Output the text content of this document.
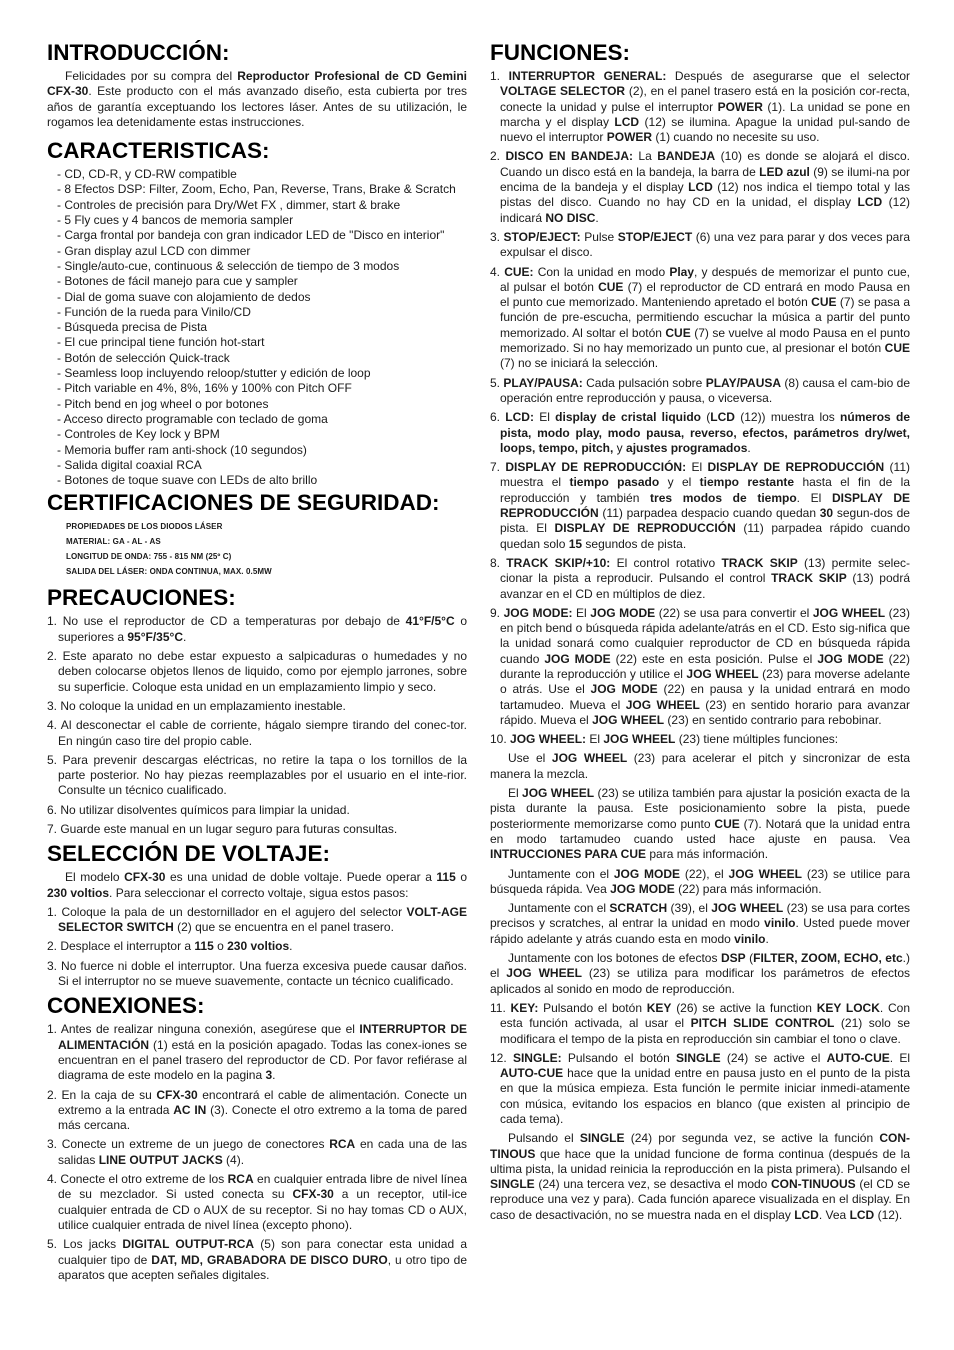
INTRODUCCIÓN:

Felicidades por su compra del Reproductor Profesional de CD Gemini CFX-30. Este producto con el más avanzado diseño, esta cubierta por tres años de garantía exceptuando los lectores láser. Antes de su utilización, le rogamos lea detenidamente estas instrucciones.

CARACTERISTICAS:
- CD, CD-R, y CD-RW compatible
- 8 Efectos DSP: Filter, Zoom, Echo, Pan, Reverse, Trans, Brake & Scratch
- Controles de precisión para Dry/Wet FX , dimmer, start & brake
- 5 Fly cues y 4 bancos de memoria sampler
- Carga frontal por bandeja con gran indicador LED de "Disco en interior"
- Gran display azul LCD con dimmer
- Single/auto-cue, continuous & selección de tiempo de 3 modos
- Botones de fácil manejo para cue y sampler
- Dial de goma suave con alojamiento de dedos
- Función de la rueda para Vinilo/CD
- Búsqueda precisa de Pista
- El cue principal tiene función hot-start
- Botón de selección Quick-track
- Seamless loop incluyendo reloop/stutter y edición de loop
- Pitch variable en 4%, 8%, 16% y 100% con Pitch OFF
- Pitch bend en jog wheel o por botones
- Acceso directo programable con teclado de goma
- Controles de Key lock y BPM
- Memoria buffer ram anti-shock (10 segundos)
- Salida digital coaxial RCA
- Botones de toque suave con LEDs de alto brillo
CERTIFICACIONES DE SEGURIDAD:
PROPIEDADES DE LOS DIODOS LÁSER
MATERIAL: GA - AL - AS
LONGITUD DE ONDA: 755 - 815 NM (25º C)
SALIDA DEL LÁSER: ONDA CONTINUA, MAX. 0.5MW
PRECAUCIONES:

1. No use el reproductor de CD a temperaturas por debajo de 41°F/5°C o superiores a 95°F/35°C.

2. Este aparato no debe estar expuesto a salpicaduras o humedades y no deben colocarse objetos llenos de liquido, como por ejemplo jarrones, sobre su superficie. Coloque esta unidad en un emplazamiento limpio y seco.

3. No coloque la unidad en un emplazamiento inestable.

4. Al desconectar el cable de corriente, hágalo siempre tirando del conec-tor. En ningún caso tire del propio cable.

5. Para prevenir descargas eléctricas, no retire la tapa o los tornillos de la parte posterior. No hay piezas reemplazables por el usuario en el inte-rior. Consulte un técnico cualificado.

6. No utilizar disolventes químicos para limpiar la unidad.

7. Guarde este manual en un lugar seguro para futuras consultas.

SELECCIÓN DE VOLTAJE:

El modelo CFX-30 es una unidad de doble voltaje. Puede operar a 115 o 230 voltios. Para seleccionar el correcto voltaje, sigua estos pasos:

1. Coloque la pala de un destornillador en el agujero del selector VOLT-AGE SELECTOR SWITCH (2) que se encuentra en el panel trasero.

2. Desplace el interruptor a 115 o 230 voltios.

3. No fuerce ni doble el interruptor. Una fuerza excesiva puede causar daños. Si el interruptor no se mueve suavemente, contacte un técnico cualificado.

CONEXIONES:

1. Antes de realizar ninguna conexión, asegúrese que el INTERRUPTOR DE ALIMENTACIÓN (1) está en la posición apagado. Todas las conex-iones se encuentran en el panel trasero del reproductor de CD. Por favor refiérase al diagrama de este modelo en la pagina 3.

2. En la caja de su CFX-30 encontrará el cable de alimentación. Conecte un extremo a la entrada AC IN (3). Conecte el otro extremo a la toma de pared más cercana.

3. Conecte un extreme de un juego de conectores RCA en cada una de las salidas LINE OUTPUT JACKS (4).

4. Conecte el otro extreme de los RCA en cualquier entrada libre de nivel línea de su mezclador. Si usted conecta su CFX-30 a un receptor, util-ice cualquier entrada de CD o AUX de su receptor. Si no hay tomas CD o AUX, utilice cualquier entrada de nivel línea (excepto phono).

5. Los jacks DIGITAL OUTPUT-RCA (5) son para conectar esta unidad a cualquier tipo de DAT, MD, GRABADORA DE DISCO DURO, u otro tipo de aparatos que acepten señales digitales.

FUNCIONES:

1. INTERRUPTOR GENERAL: Después de asegurarse que el selector VOLTAGE SELECTOR (2), en el panel trasero está en la posición cor-recta, conecte la unidad y pulse el interruptor POWER (1). La unidad se pone en marcha y el display LCD (12) se ilumina. Apague la unidad pul-sando de nuevo el interruptor POWER (1) cuando no necesite su uso.

2. DISCO EN BANDEJA: La BANDEJA (10) es donde se alojará el disco. Cuando un disco está en la bandeja, la barra de LED azul (9) se ilumi-na por encima de la bandeja y el display LCD (12) nos indica el tiempo total y las pistas del disco. Cuando no hay CD en la unidad, el display LCD (12) indicará NO DISC.

3. STOP/EJECT: Pulse STOP/EJECT (6) una vez para parar y dos veces para expulsar el disco.

4. CUE: Con la unidad en modo Play, y después de memorizar el punto cue, al pulsar el botón CUE (7) el reproductor de CD entrará en modo Pausa en el punto cue memorizado. Manteniendo apretado el botón CUE (7) se pasa a función de pre-escucha, permitiendo escuchar la música a partir del punto memorizado. Al soltar el botón CUE (7) se vuelve al modo Pausa en el punto memorizado. Si no hay memorizado un punto cue, al presionar el botón CUE (7) no se iniciará la selección.

5. PLAY/PAUSA: Cada pulsación sobre PLAY/PAUSA (8) causa el cam-bio de operación entre reproducción y pausa, o viceversa.

6. LCD: El display de cristal liquido (LCD (12)) muestra los números de pista, modo play, modo pausa, reverso, efectos, parámetros dry/wet, loops, tempo, pitch, y ajustes programados.

7. DISPLAY DE REPRODUCCIÓN: El DISPLAY DE REPRODUCCIÓN (11) muestra el tiempo pasado y el tiempo restante hasta el fin de la reproducción y también tres modos de tiempo. El DISPLAY DE REPRODUCCIÓN (11) parpadea despacio cuando quedan 30 segun-dos de pista. El DISPLAY DE REPRODUCCIÓN (11) parpadea rápido cuando quedan solo 15 segundos de pista.

8. TRACK SKIP/+10: El control rotativo TRACK SKIP (13) permite selec-cionar la pista a reproducir. Pulsando el control TRACK SKIP (13) podrá avanzar en el CD en múltiplos de diez.

9. JOG MODE: El JOG MODE (22) se usa para convertir el JOG WHEEL (23) en pitch bend o búsqueda rápida adelante/atrás en el CD. Esto sig-nifica que la unidad sonará como cualquier reproductor de CD en búsqueda rápida cuando JOG MODE (22) este en esta posición. Pulse el JOG MODE (22) durante la reproducción y utilice el JOG WHEEL (23) para moverse adelante o atrás. Use el JOG MODE (22) en pausa y la unidad entrará en modo tartamudeo. Mueva el JOG WHEEL (23) en sentido horario para avanzar rápido. Mueva el JOG WHEEL (23) en sentido contrario para rebobinar.

10. JOG WHEEL: El JOG WHEEL (23) tiene múltiples funciones:

Use el JOG WHEEL (23) para acelerar el pitch y sincronizar de esta manera la mezcla.

El JOG WHEEL (23) se utiliza también para ajustar la posición exacta de la pista durante la pausa. Este posicionamiento sobre la pista, puede posteriormente memorizarse como punto CUE (7). Notará que la unidad entra en modo tartamudeo cuando usted hace ajuste en pausa. Vea INTRUCCIONES PARA CUE para más información.

Juntamente con el JOG MODE (22), el JOG WHEEL (23) se utilice para búsqueda rápida. Vea JOG MODE (22) para más información.

Juntamente con el SCRATCH (39), el JOG WHEEL (23) se usa para cortes precisos y scratches, al entrar la unidad en modo vinilo. Usted puede mover rápido adelante y atrás cuando esta en modo vinilo.

Juntamente con los botones de efectos DSP (FILTER, ZOOM, ECHO, etc.) el JOG WHEEL (23) se utiliza para modificar los parámetros de efectos aplicados al sonido en modo de reproducción.

11. KEY: Pulsando el botón KEY (26) se active la function KEY LOCK. Con esta función activada, al usar el PITCH SLIDE CONTROL (21) solo se modificara el tempo de la pista en reproducción sin cambiar el tono o clave.

12. SINGLE: Pulsando el botón SINGLE (24) se active el AUTO-CUE. El AUTO-CUE hace que la unidad entre en pausa justo en el punto de la pista en que la música empieza. Esta función le permite iniciar inmedi-atamente con música, evitando los espacios en blanco (que existen al principio de cada tema).

Pulsando el SINGLE (24) por segunda vez, se active la función CON-TINOUS que hace que la unidad funcione de forma continua (después de la ultima pista, la unidad reinicia la reproducción en la pista primera). Pulsando el SINGLE (24) una tercera vez, se desactiva el modo CON-TINUOUS (el CD se reproduce una vez y para). Cada función aparece visualizada en el display. En caso de desactivación, no se muestra nada en el display LCD. Vea LCD (12).
